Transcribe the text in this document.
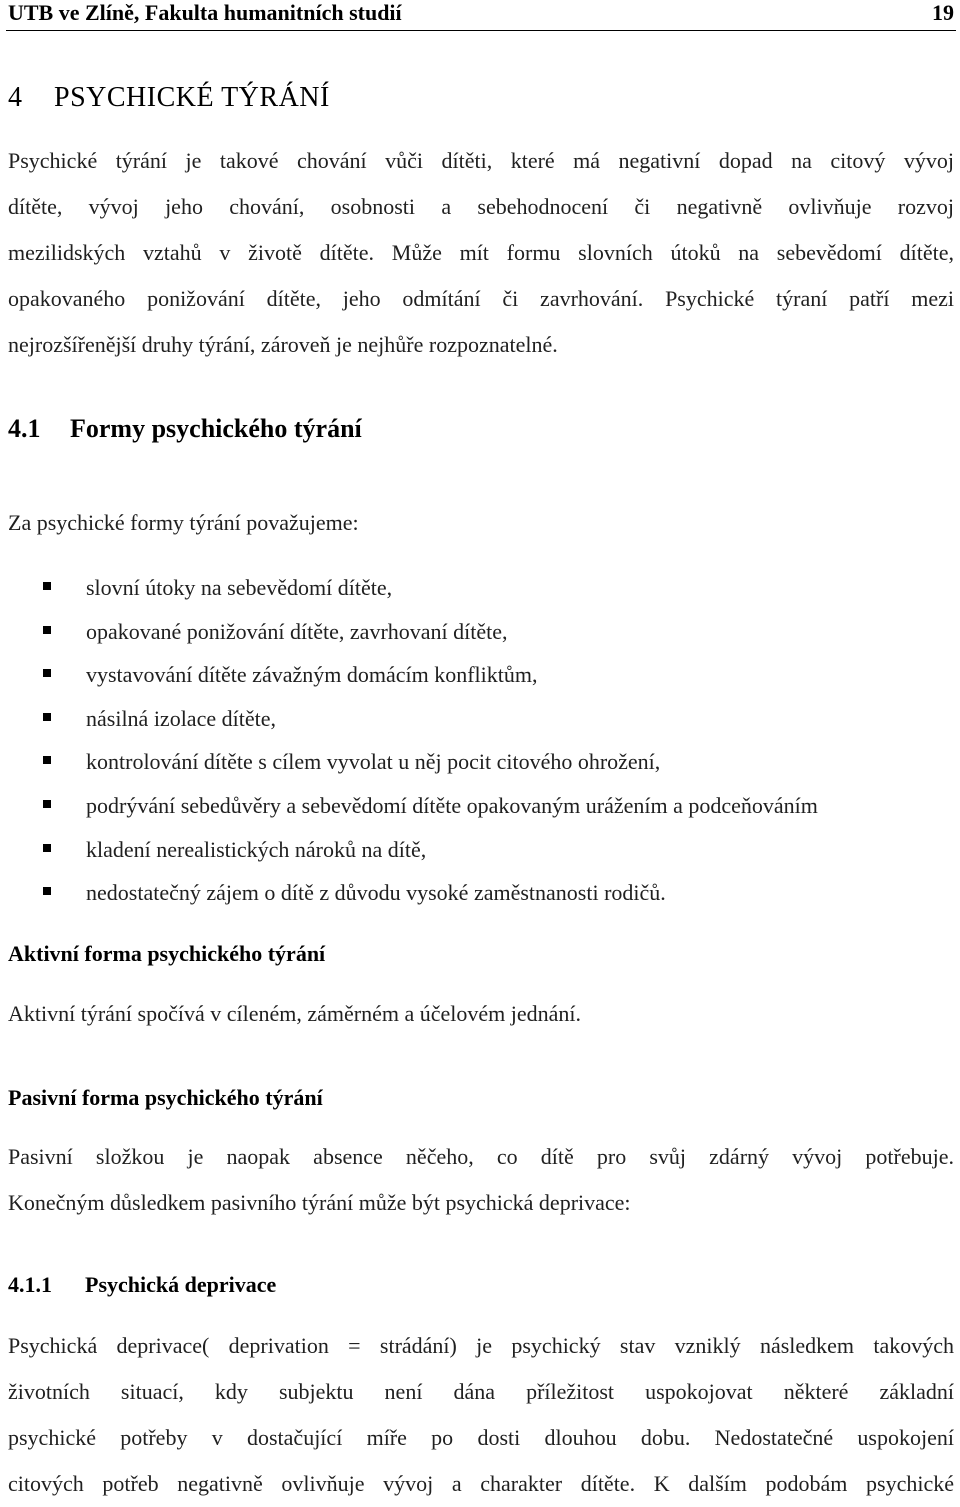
UTB ve Zlíně, Fakulta humanitních studií	19
4 PSYCHICKÉ TÝRÁNÍ
Psychické týrání je takové chování vůči dítěti, které má negativní dopad na citový vývoj
dítěte, vývoj jeho chování, osobnosti a sebehodnocení či negativně ovlivňuje rozvoj
mezilidských vztahů v životě dítěte. Může mít formu slovních útoků na sebevědomí dítěte,
opakovaného ponižování dítěte, jeho odmítání či zavrhování. Psychické týraní patří mezi
nejrozšířenější druhy týrání, zároveň je nejhůře rozpoznatelné.
4.1 Formy psychického týrání
Za psychické formy týrání považujeme:
slovní útoky na sebevědomí dítěte,
opakované ponižování dítěte, zavrhovaní dítěte,
vystavování dítěte závažným domácím konfliktům,
násilná izolace dítěte,
kontrolování dítěte s cílem vyvolat u něj pocit citového ohrožení,
podrývání sebedůvěry a sebevědomí dítěte opakovaným urážením a podceňováním
kladení nerealistických nároků na dítě,
nedostatečný zájem o dítě z důvodu vysoké zaměstnanosti rodičů.
Aktivní forma psychického týrání
Aktivní týrání spočívá v cíleném, záměrném a účelovém jednání.
Pasivní forma psychického týrání
Pasivní složkou je naopak absence něčeho, co dítě pro svůj zdárný vývoj potřebuje.
Konečným důsledkem pasivního týrání může být psychická deprivace:
4.1.1 Psychická deprivace
Psychická deprivace( deprivation = strádání) je psychický stav vzniklý následkem takových
životních situací, kdy subjektu není dána příležitost uspokojovat některé základní
psychické potřeby v dostačující míře po dosti dlouhou dobu. Nedostatečné uspokojení
citových potřeb negativně ovlivňuje vývoj a charakter dítěte. K dalším podobám psychické
